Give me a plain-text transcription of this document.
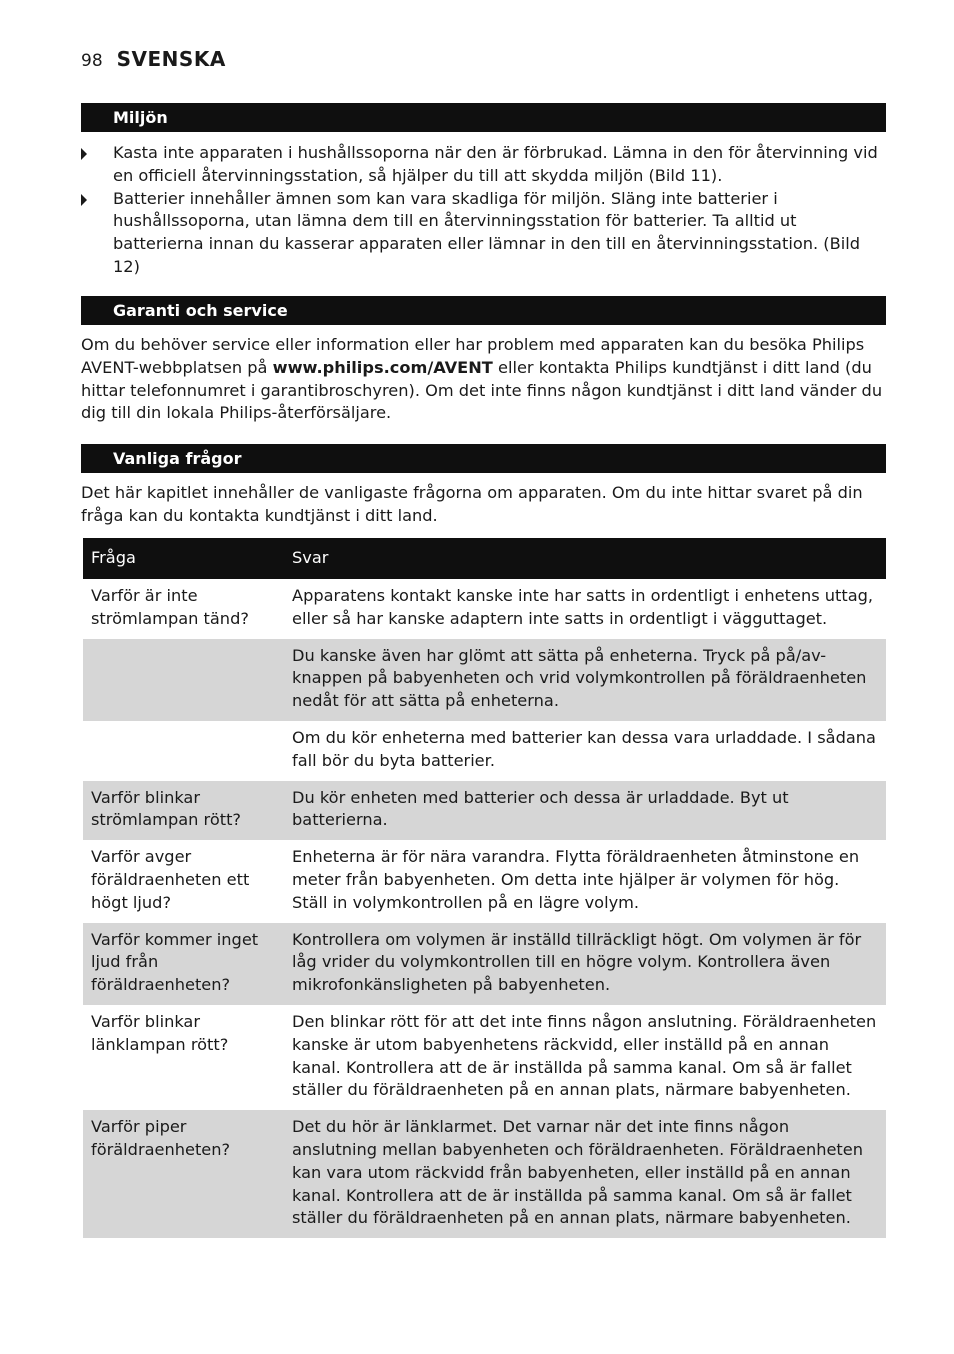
98 SVENSKA
Miljön
Kasta inte apparaten i hushållssoporna när den är förbrukad. Lämna in den för återvinning vid en officiell återvinningsstation, så hjälper du till att skydda miljön (Bild 11).
Batterier innehåller ämnen som kan vara skadliga för miljön. Släng inte batterier i hushållssoporna, utan lämna dem till en återvinningsstation för batterier. Ta alltid ut batterierna innan du kasserar apparaten eller lämnar in den till en återvinningsstation. (Bild 12)
Garanti och service
Om du behöver service eller information eller har problem med apparaten kan du besöka Philips AVENT-webbplatsen på www.philips.com/AVENT eller kontakta Philips kundtjänst i ditt land (du hittar telefonnumret i garantibroschyren). Om det inte finns någon kundtjänst i ditt land vänder du dig till din lokala Philips-återförsäljare.
Vanliga frågor
Det här kapitlet innehåller de vanligaste frågorna om apparaten. Om du inte hittar svaret på din fråga kan du kontakta kundtjänst i ditt land.
Fråga	Svar
Varför är inte strömlampan tänd?	Apparatens kontakt kanske inte har satts in ordentligt i enhetens uttag, eller så har kanske adaptern inte satts in ordentligt i vägguttaget.
	Du kanske även har glömt att sätta på enheterna. Tryck på på/av-knappen på babyenheten och vrid volymkontrollen på föräldraenheten nedåt för att sätta på enheterna.
	Om du kör enheterna med batterier kan dessa vara urladdade. I sådana fall bör du byta batterier.
Varför blinkar strömlampan rött?	Du kör enheten med batterier och dessa är urladdade. Byt ut batterierna.
Varför avger föräldraenheten ett högt ljud?	Enheterna är för nära varandra. Flytta föräldraenheten åtminstone en meter från babyenheten. Om detta inte hjälper är volymen för hög. Ställ in volymkontrollen på en lägre volym.
Varför kommer inget ljud från föräldraenheten?	Kontrollera om volymen är inställd tillräckligt högt. Om volymen är för låg vrider du volymkontrollen till en högre volym. Kontrollera även mikrofonkänsligheten på babyenheten.
Varför blinkar länklampan rött?	Den blinkar rött för att det inte finns någon anslutning. Föräldraenheten kanske är utom babyenhetens räckvidd, eller inställd på en annan kanal. Kontrollera att de är inställda på samma kanal. Om så är fallet ställer du föräldraenheten på en annan plats, närmare babyenheten.
Varför piper föräldraenheten?	Det du hör är länklarmet. Det varnar när det inte finns någon anslutning mellan babyenheten och föräldraenheten. Föräldraenheten kan vara utom räckvidd från babyenheten, eller inställd på en annan kanal. Kontrollera att de är inställda på samma kanal. Om så är fallet ställer du föräldraenheten på en annan plats, närmare babyenheten.
